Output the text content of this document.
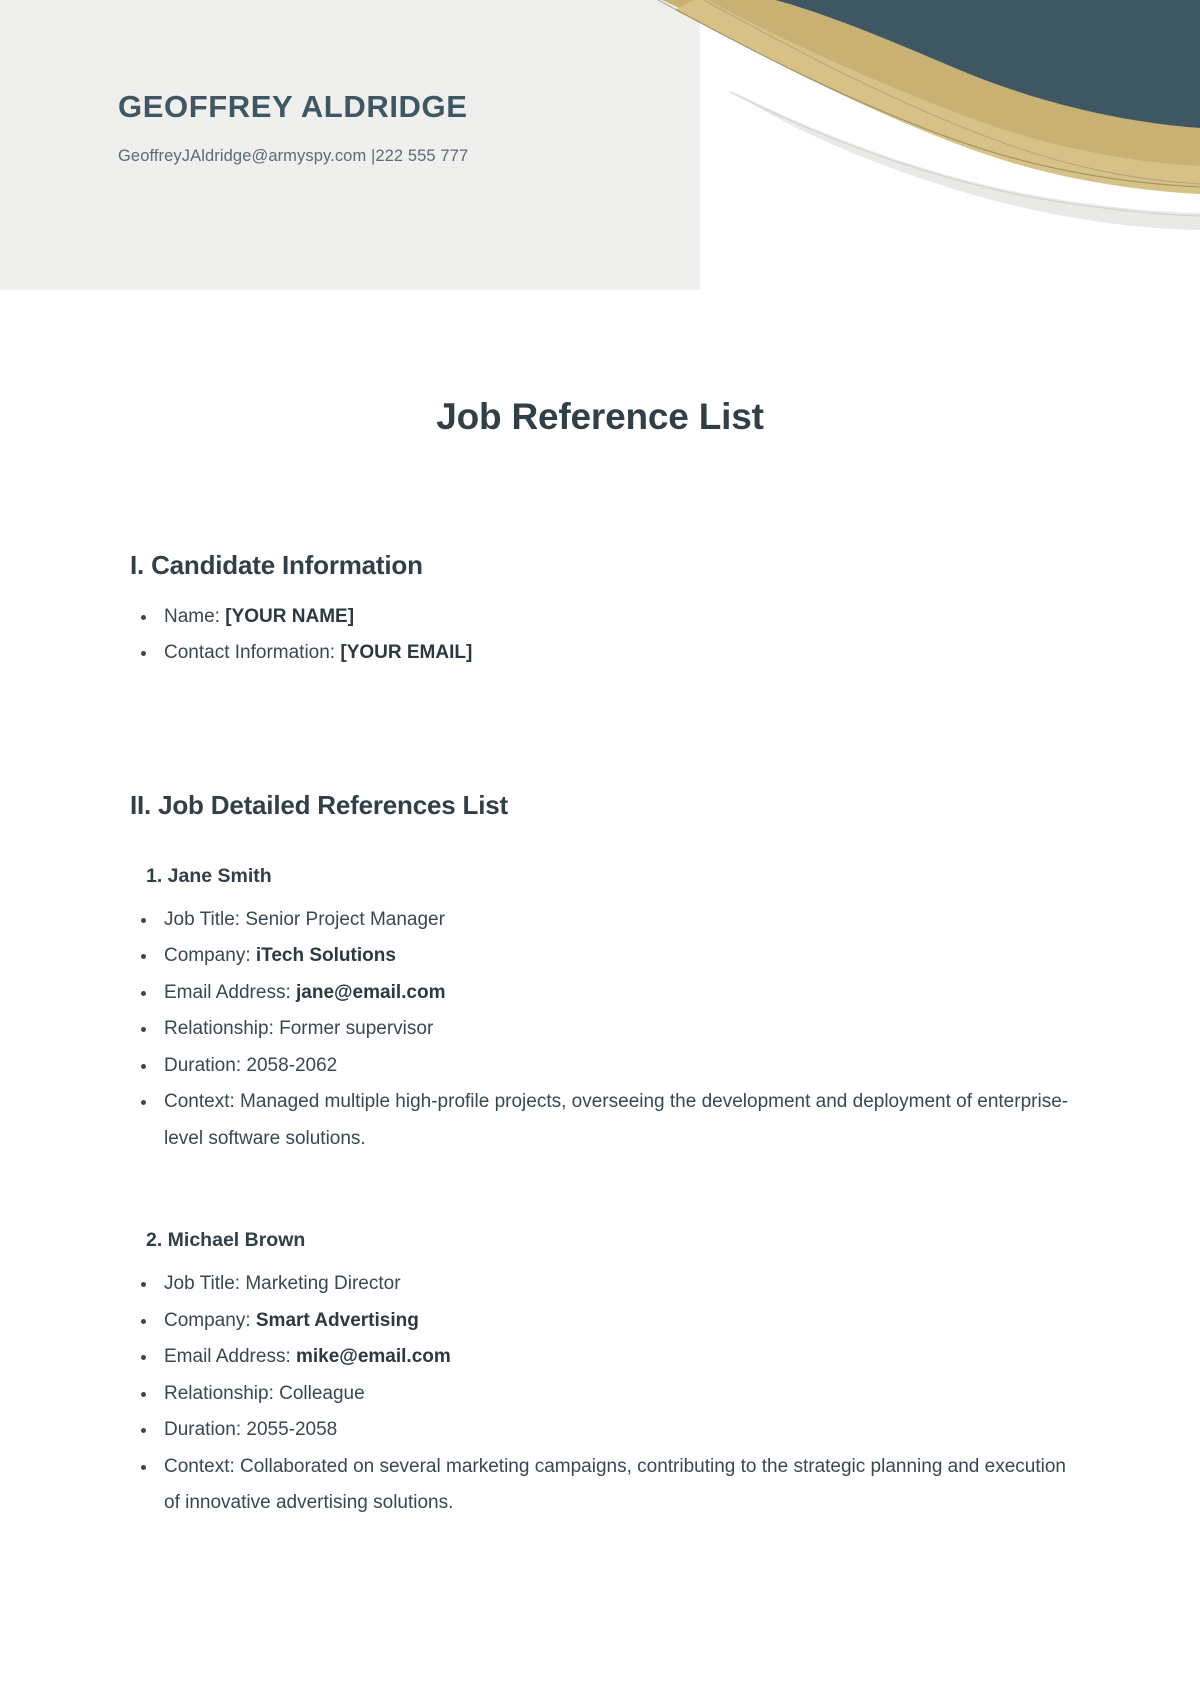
GEOFFREY ALDRIDGE

GeoffreyJAldridge@armyspy.com |222 555 777

Job Reference List
I. Candidate Information
• Name: [YOUR NAME]
• Contact Information: [YOUR EMAIL]
II. Job Detailed References List
1. Jane Smith
• Job Title: Senior Project Manager
• Company: iTech Solutions
• Email Address: jane@email.com
• Relationship: Former supervisor
• Duration: 2058-2062
• Context: Managed multiple high-profile projects, overseeing the development and deployment of enterprise-level software solutions.
2. Michael Brown
• Job Title: Marketing Director
• Company: Smart Advertising
• Email Address: mike@email.com
• Relationship: Colleague
• Duration: 2055-2058
• Context: Collaborated on several marketing campaigns, contributing to the strategic planning and execution of innovative advertising solutions.
